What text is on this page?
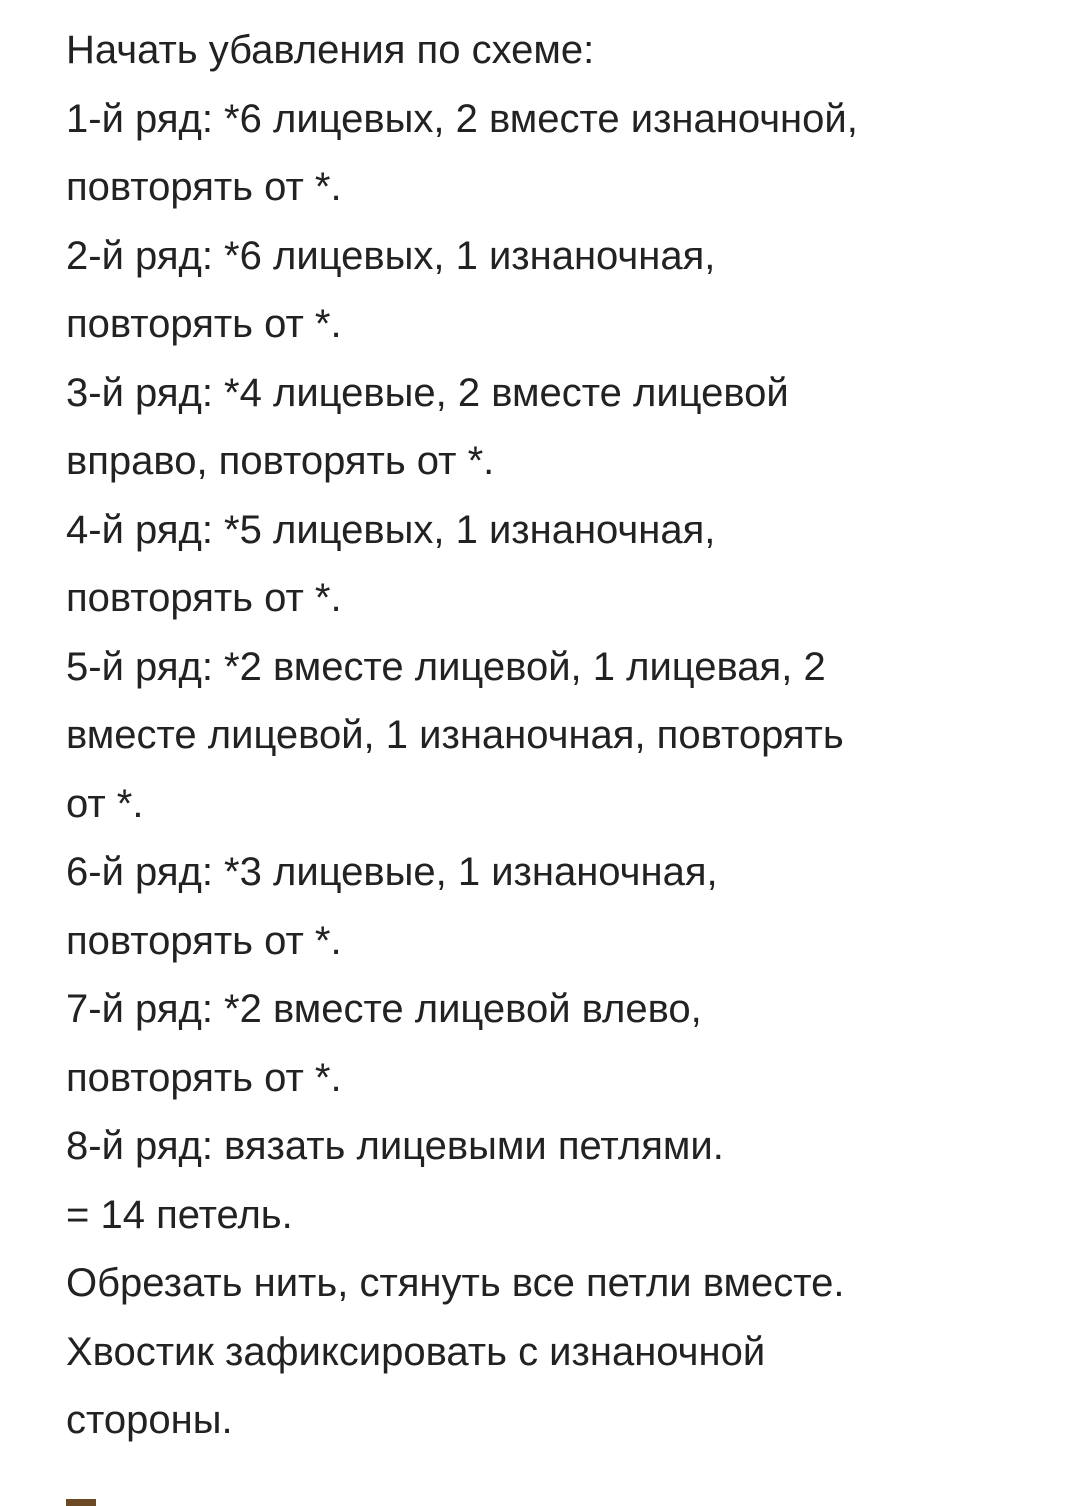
Начать убавления по схеме:
1-й ряд: *6 лицевых, 2 вместе изнаночной,
повторять от *.
2-й ряд: *6 лицевых, 1 изнаночная,
повторять от *.
3-й ряд: *4 лицевые, 2 вместе лицевой
вправо, повторять от *.
4-й ряд: *5 лицевых, 1 изнаночная,
повторять от *.
5-й ряд: *2 вместе лицевой, 1 лицевая, 2
вместе лицевой, 1 изнаночная, повторять
от *.
6-й ряд: *3 лицевые, 1 изнаночная,
повторять от *.
7-й ряд: *2 вместе лицевой влево,
повторять от *.
8-й ряд: вязать лицевыми петлями.
= 14 петель.
Обрезать нить, стянуть все петли вместе.
Хвостик зафиксировать с изнаночной
стороны.
